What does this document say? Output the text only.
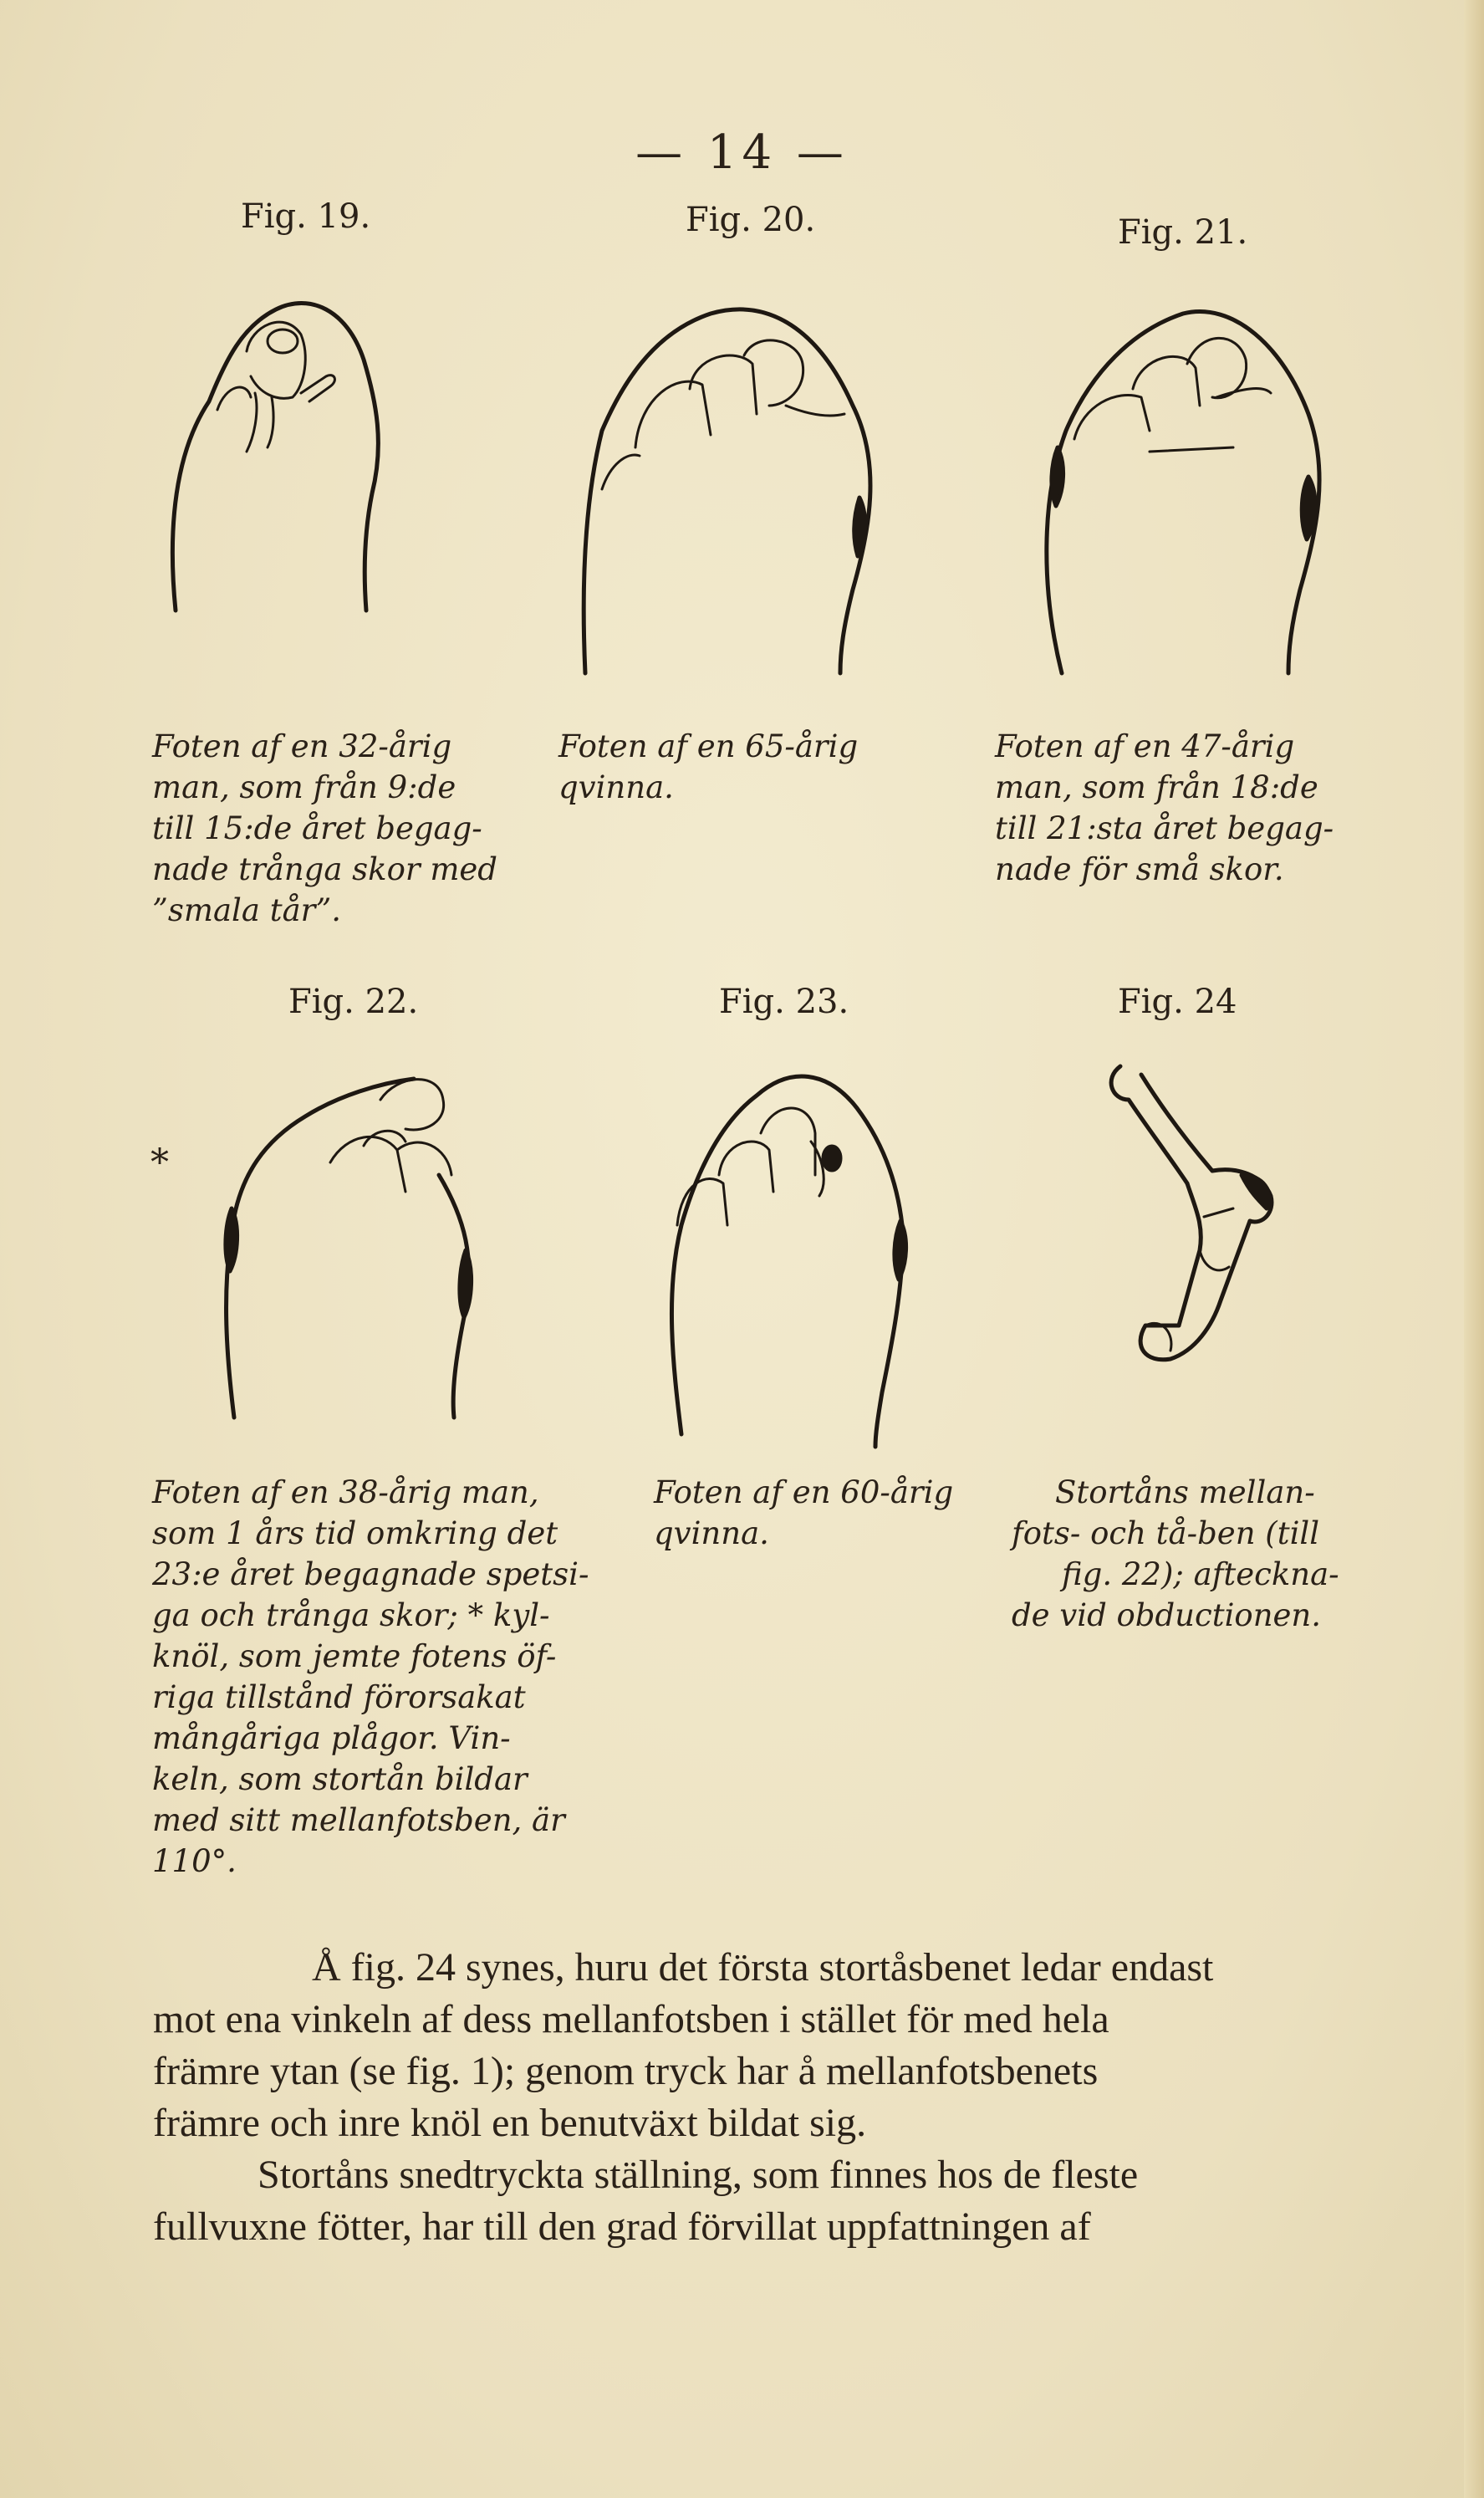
— 14 —
Fig. 19.	Fig. 20.	Fig. 21.
Foten af en 32-årig
man, som från 9:de
till 15:de året begag-
nade trånga skor med
”smala tår”.
Foten af en 65-årig
qvinna.
Foten af en 47-årig
man, som från 18:de
till 21:sta året begag-
nade för små skor.
Fig. 22.	Fig. 23.	Fig. 24
*
Foten af en 38-årig man,
som 1 års tid omkring det
23:e året begagnade spetsi-
ga och trånga skor; * kyl-
knöl, som jemte fotens öf-
riga tillstånd förorsakat
mångåriga plågor. Vin-
keln, som stortån bildar
med sitt mellanfotsben, är
110°.
Foten af en 60-årig
qvinna.
Stortåns mellan-
fots- och tå-ben (till
fig. 22); afteckna-
de vid obductionen.
Å fig. 24 synes, huru det första stortåsbenet ledar endast
mot ena vinkeln af dess mellanfotsben i stället för med hela
främre ytan (se fig. 1); genom tryck har å mellanfotsbenets
främre och inre knöl en benutväxt bildat sig.
Stortåns snedtryckta ställning, som finnes hos de fleste
fullvuxne fötter, har till den grad förvillat uppfattningen af
